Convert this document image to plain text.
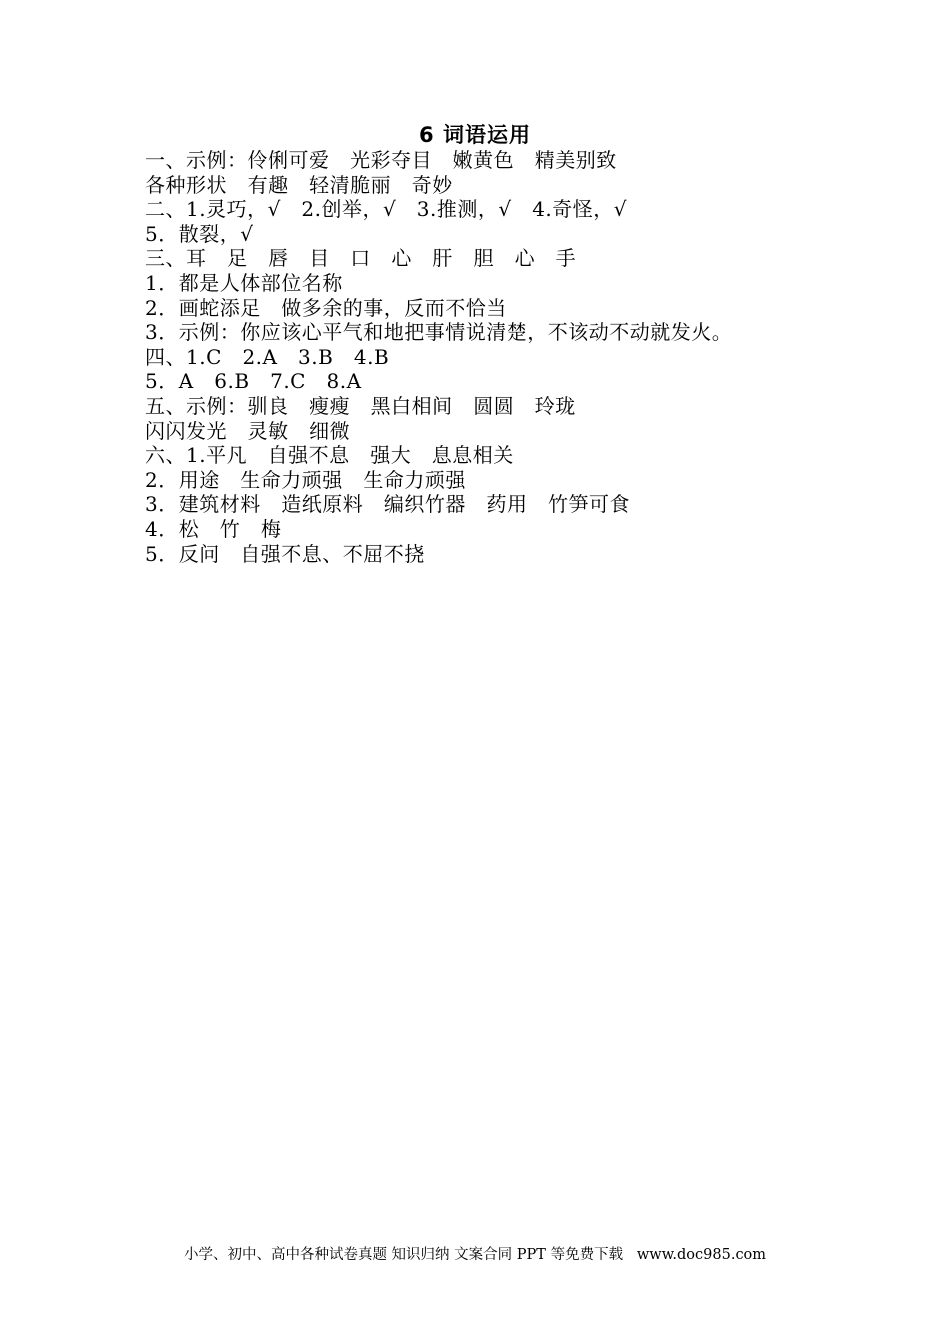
6 词语运用
一、示例：伶俐可爱   光彩夺目   嫩黄色   精美别致
各种形状   有趣   轻清脆丽   奇妙
二、1.灵巧，√   2.创举，√   3.推测，√   4.奇怪，√
5．散裂，√
三、耳   足   唇   目   口   心   肝   胆   心   手
1．都是人体部位名称
2．画蛇添足   做多余的事，反而不恰当
3．示例：你应该心平气和地把事情说清楚，不该动不动就发火。
四、1.C   2.A   3.B   4.B
5．A   6.B   7.C   8.A
五、示例：驯良   瘦瘦   黑白相间   圆圆   玲珑
闪闪发光   灵敏   细微
六、1.平凡   自强不息   强大   息息相关
2．用途   生命力顽强   生命力顽强
3．建筑材料   造纸原料   编织竹器   药用   竹笋可食
4．松   竹   梅
5．反问   自强不息、不屈不挠
小学、初中、高中各种试卷真题 知识归纳 文案合同 PPT 等免费下载   www.doc985.com
